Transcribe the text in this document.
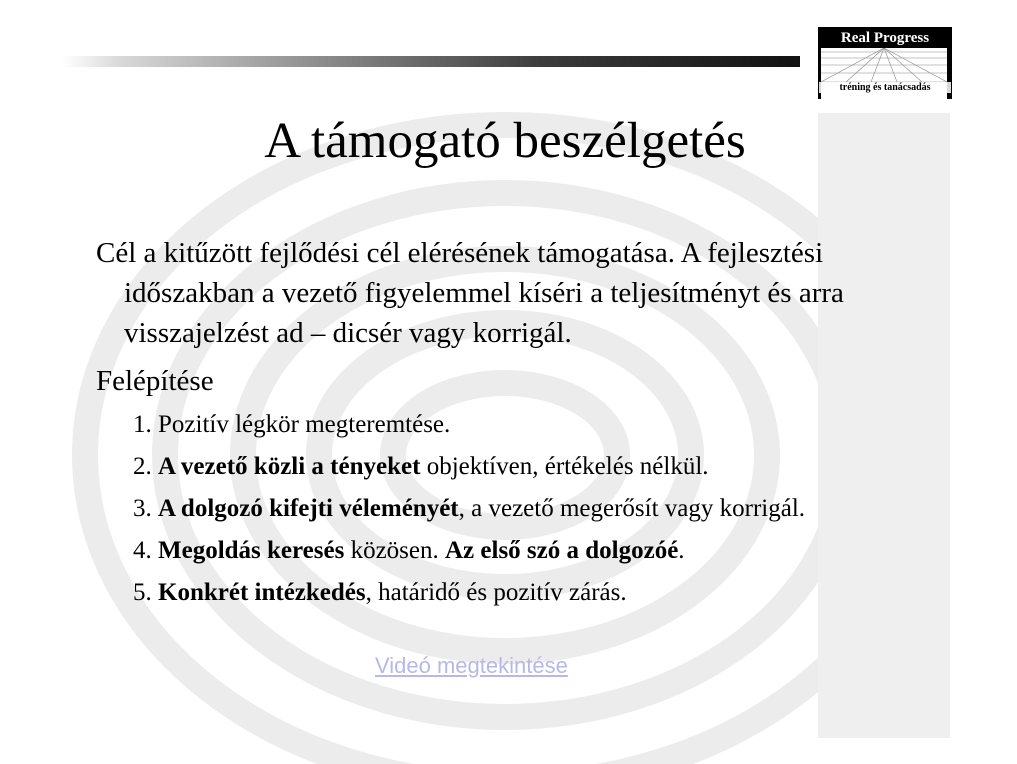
Real Progress
tréning és tanácsadás
A támogató beszélgetés
Cél a kitűzött fejlődési cél elérésének támogatása. A fejlesztési időszakban a vezető figyelemmel kíséri a teljesítményt és arra visszajelzést ad – dicsér vagy korrigál.
Felépítése
1. Pozitív légkör megteremtése.
2. A vezető közli a tényeket objektíven, értékelés nélkül.
3. A dolgozó kifejti véleményét, a vezető megerősít vagy korrigál.
4. Megoldás keresés közösen. Az első szó a dolgozóé.
5. Konkrét intézkedés, határidő és pozitív zárás.
Videó megtekintése
